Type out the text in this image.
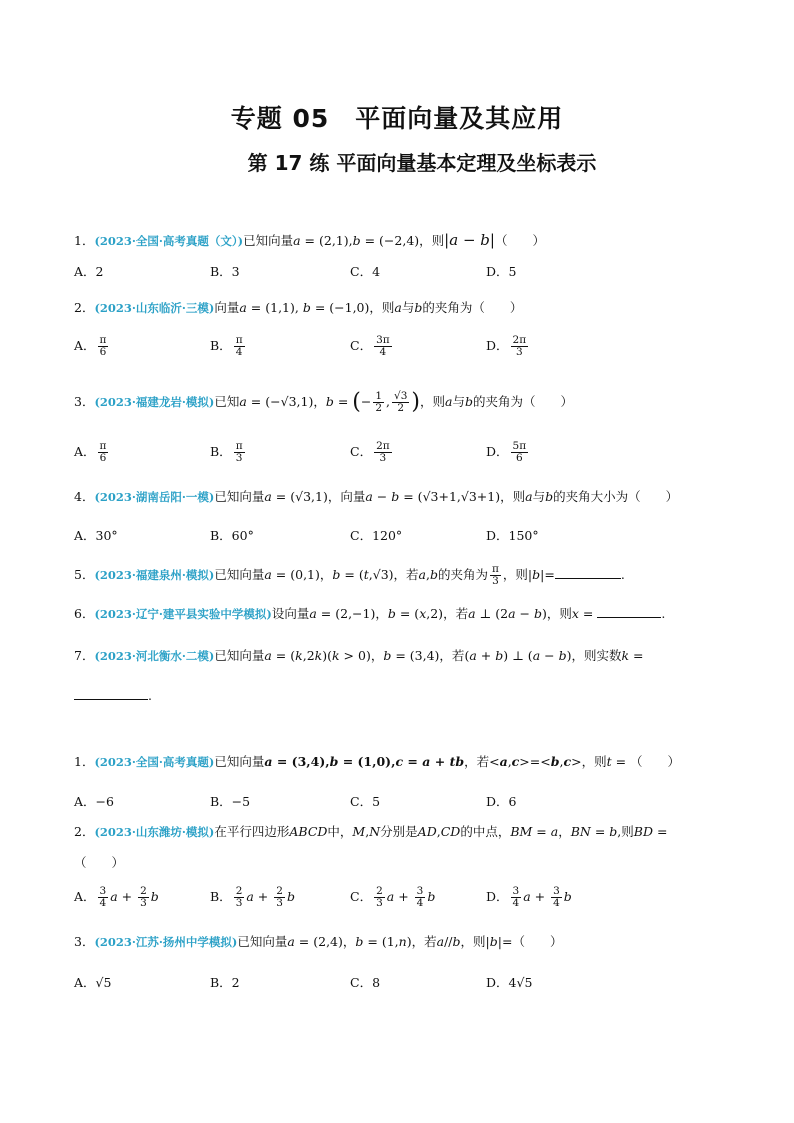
专题 05 平面向量及其应用
第 17 练 平面向量基本定理及坐标表示
1．(2023·全国·高考真题（文）)已知向量a = (2,1),b = (−2,4)，则|a − b|（　　）
A．2	B．3	C．4	D．5
2．(2023·山东临沂·三模)向量a = (1,1), b = (−1,0)，则a与b的夹角为（　　）
A． $\frac{\pi}{6}$	B． $\frac{\pi}{4}$	C． $\frac{3\pi}{4}$	D． $\frac{2\pi}{3}$
3．(2023·福建龙岩·模拟)已知a = (−√3,1)，b = (− $\frac{1}{2}$ , $\frac{√3}{2}$ )，则a与b的夹角为（　　）
A． $\frac{\pi}{6}$	B． $\frac{\pi}{3}$	C． $\frac{2\pi}{3}$	D． $\frac{5\pi}{6}$
4．(2023·湖南岳阳·一模)已知向量a = (√3,1)，向量a − b = (√3+1,√3+1)，则a与b的夹角大小为（　　）
A．30°	B．60°	C．120°	D．150°
5．(2023·福建泉州·模拟)已知向量a = (0,1)，b = (t,√3)，若a,b的夹角为 $\frac{\pi}{3}$ ，则|b|=	.
6．(2023·辽宁·建平县实验中学模拟)设向量a = (2,−1)，b = (x,2)，若a ⊥ (2a − b)，则x =	.
7．(2023·河北衡水·二模)已知向量a = (k,2k)(k > 0)，b = (3,4)，若(a + b) ⊥ (a − b)，则实数k =
.
1．(2023·全国·高考真题)已知向量a = (3,4),b = (1,0),c = a + tb，若<a,c>=<b,c>，则t = （　　）
A．−6	B．−5	C．5	D．6
2．(2023·山东潍坊·模拟)在平行四边形ABCD中，M,N分别是AD,CD的中点，BM = a，BN = b,则BD =
（　　）
A． $\frac{3}{4}$ $a + \frac{2}{3}$ b	B． $\frac{2}{3}$ $a + \frac{2}{3}$ b	C． $\frac{2}{3}$ $a + \frac{3}{4}$ b	D． $\frac{3}{4}$ $a + \frac{3}{4}$ b
3．(2023·江苏·扬州中学模拟)已知向量a = (2,4)，b = (1,n)，若a//b，则|b|=（　　）
A．√5	B．2	C．8	D．4√5
